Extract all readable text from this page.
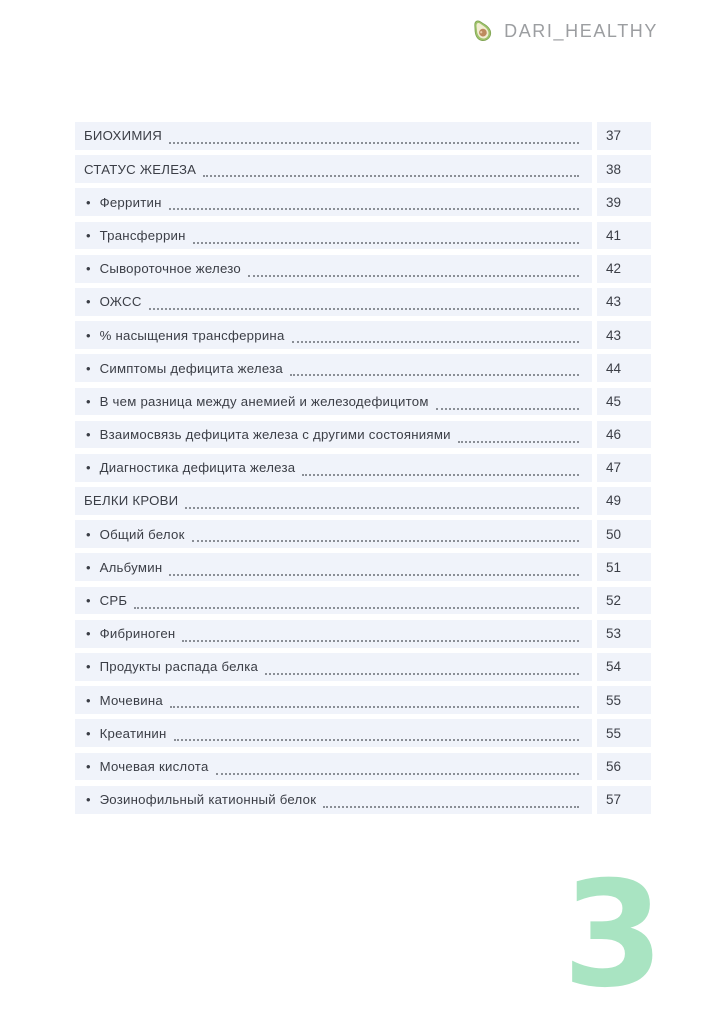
DARI_HEALTHY
БИОХИМИЯ	37
СТАТУС ЖЕЛЕЗА	38
• Ферритин	39
• Трансферрин	41
• Сывороточное железо	42
• ОЖСС	43
• % насыщения трансферрина	43
• Симптомы дефицита железа	44
• В чем разница между анемией и железодефицитом	45
• Взаимосвязь дефицита железа с другими состояниями	46
• Диагностика дефицита железа	47
БЕЛКИ КРОВИ	49
• Общий белок	50
• Альбумин	51
• СРБ	52
• Фибриноген	53
• Продукты распада белка	54
• Мочевина	55
• Креатинин	55
• Мочевая кислота	56
• Эозинофильный катионный белок	57
3
